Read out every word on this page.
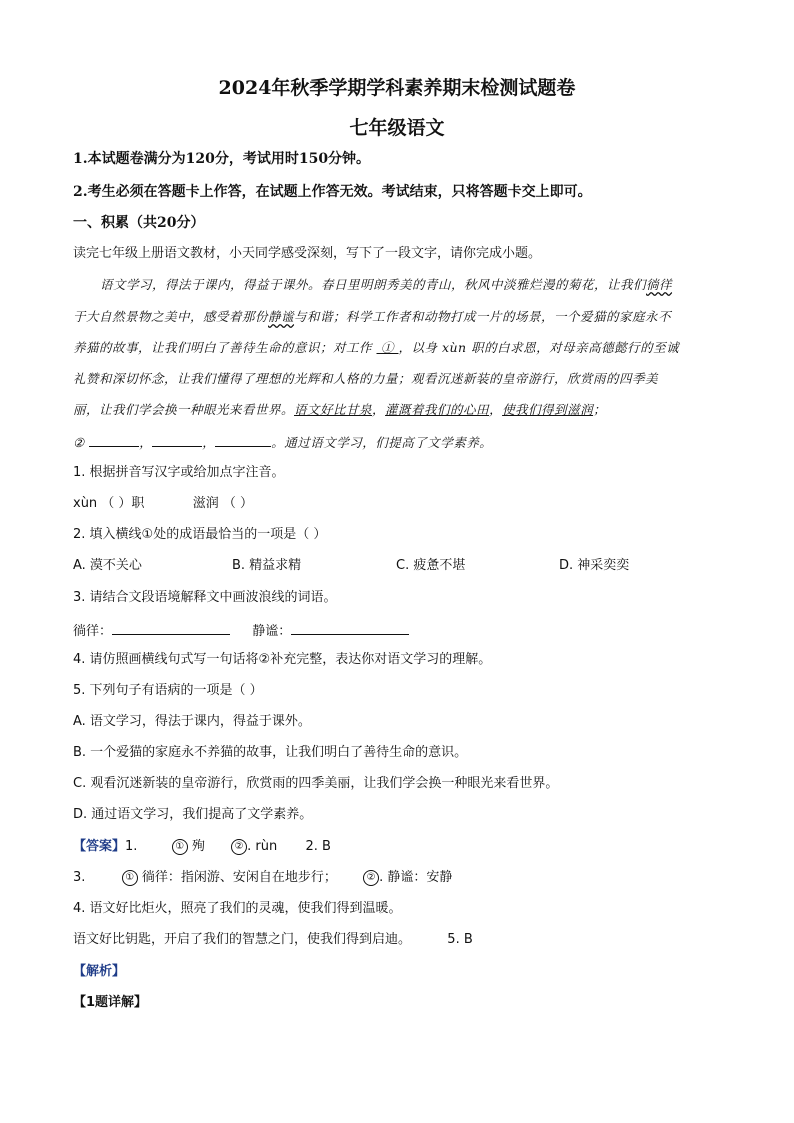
2024年秋季学期学科素养期末检测试题卷
七年级语文
1.本试题卷满分为120分，考试用时150分钟。
2.考生必须在答题卡上作答，在试题上作答无效。考试结束，只将答题卡交上即可。
一、积累（共20分）
读完七年级上册语文教材，小天同学感受深刻，写下了一段文字，请你完成小题。
语文学习，得法于课内，得益于课外。春日里明朗秀美的青山，秋风中淡雅烂漫的菊花，让我们徜徉
于大自然景物之美中，感受着那份静谧与和谐；科学工作者和动物打成一片的场景，一个爱猫的家庭永不
养猫的故事，让我们明白了善待生命的意识；对工作 ① ，以身 xùn 职的白求恩，对母亲高德懿行的至诚
礼赞和深切怀念，让我们懂得了理想的光辉和人格的力量；观看沉迷新装的皇帝游行，欣赏雨的四季美
丽，让我们学会换一种眼光来看世界。语文好比甘泉，灌溉着我们的心田，使我们得到滋润；
②	，	，	。通过语文学习，们提高了文学素养。
1. 根据拼音写汉字或给加点字注音。
xùn （ ）职	滋润 （ ）
2. 填入横线①处的成语最恰当的一项是（ ）
A. 漠不关心	B. 精益求精	C. 疲惫不堪	D. 神采奕奕
3. 请结合文段语境解释文中画波浪线的词语。
徜徉：	静谧：
4. 请仿照画横线句式写一句话将②补充完整，表达你对语文学习的理解。
5. 下列句子有语病的一项是（ ）
A. 语文学习，得法于课内，得益于课外。
B. 一个爱猫的家庭永不养猫的故事，让我们明白了善待生命的意识。
C. 观看沉迷新装的皇帝游行，欣赏雨的四季美丽，让我们学会换一种眼光来看世界。
D. 通过语文学习，我们提高了文学素养。
【答案】1.	① 殉	② . rùn 2. B
3.	① 徜徉：指闲游、安闲自在地步行；	② . 静谧：安静
4. 语文好比炬火，照亮了我们的灵魂，使我们得到温暖。
语文好比钥匙，开启了我们的智慧之门，使我们得到启迪。	5. B
【解析】
【1题详解】
